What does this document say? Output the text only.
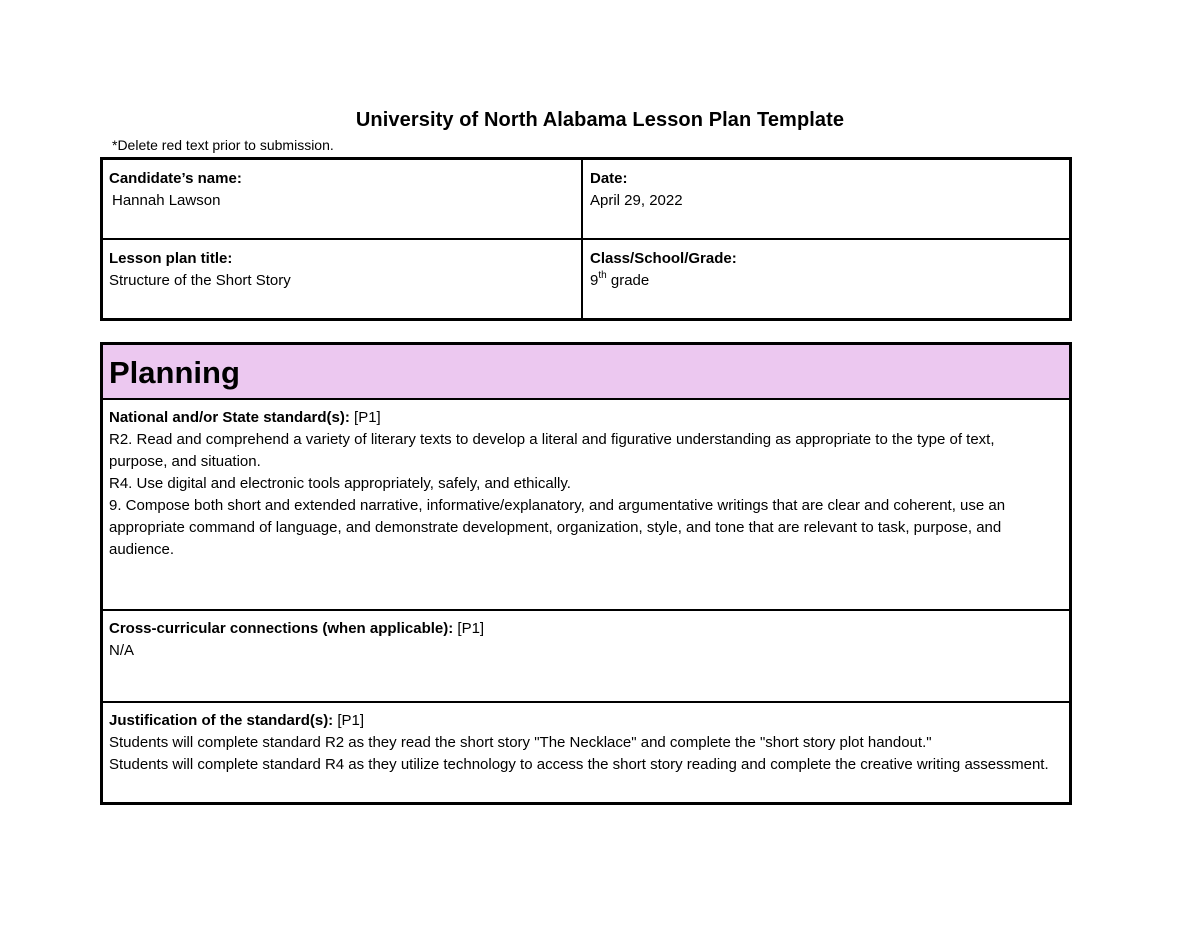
University of North Alabama Lesson Plan Template
*Delete red text prior to submission.
Candidate’s name:
Hannah Lawson
Date:
April 29, 2022
Lesson plan title:
Structure of the Short Story
Class/School/Grade:
9th grade
Planning
National and/or State standard(s): [P1]
R2. Read and comprehend a variety of literary texts to develop a literal and figurative understanding as appropriate to the type of text, purpose, and situation.
R4. Use digital and electronic tools appropriately, safely, and ethically.
9. Compose both short and extended narrative, informative/explanatory, and argumentative writings that are clear and coherent, use an appropriate command of language, and demonstrate development, organization, style, and tone that are relevant to task, purpose, and audience.
Cross-curricular connections (when applicable): [P1]
N/A
Justification of the standard(s): [P1]
Students will complete standard R2 as they read the short story "The Necklace" and complete the "short story plot handout."
Students will complete standard R4 as they utilize technology to access the short story reading and complete the creative writing assessment.
